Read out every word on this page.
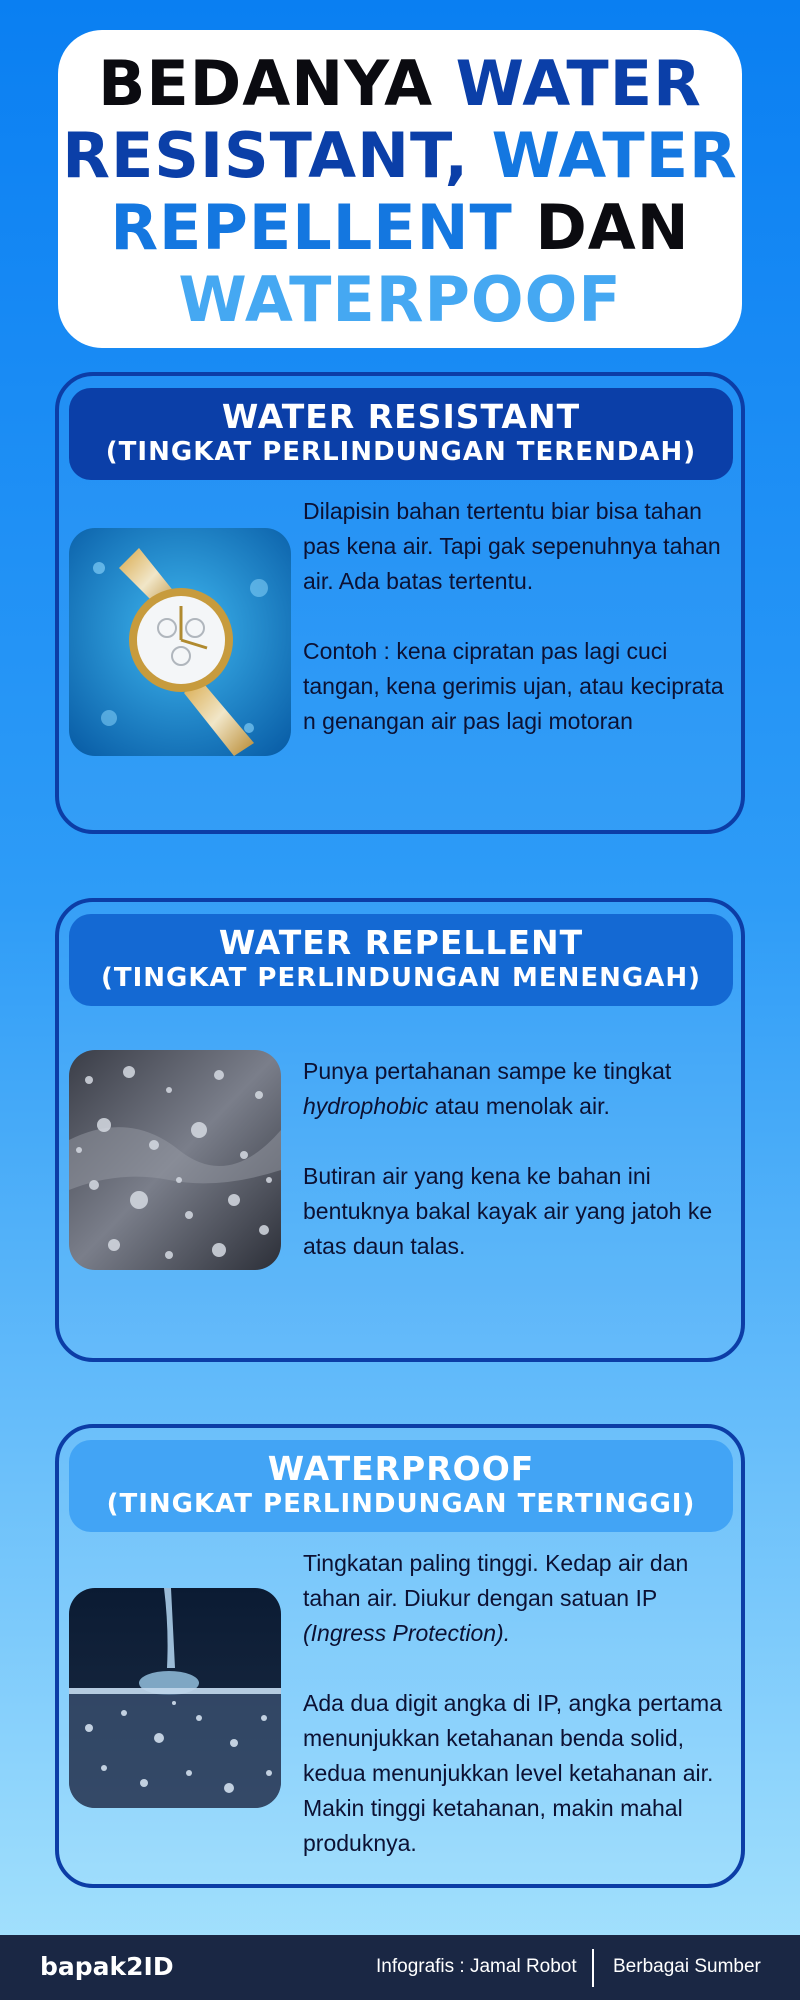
BEDANYA WATER
RESISTANT, WATER
REPELLENT DAN
WATERPOOF
WATER RESISTANT
(TINGKAT PERLINDUNGAN TERENDAH)

Dilapisin bahan tertentu biar bisa tahan pas kena air. Tapi gak sepenuhnya tahan air. Ada batas tertentu.

Contoh : kena cipratan pas lagi cuci tangan, kena gerimis ujan, atau keciprata​n genangan air pas lagi motoran

WATER REPELLENT
(TINGKAT PERLINDUNGAN MENENGAH)

Punya pertahanan sampe ke tingkat hydrophobic atau menolak air.

Butiran air yang kena ke bahan ini bentuknya bakal kayak air yang jatoh ke atas daun talas.

WATERPROOF
(TINGKAT PERLINDUNGAN TERTINGGI)

Tingkatan paling tinggi. Kedap air dan tahan air. Diukur dengan satuan IP (Ingress Protection).

Ada dua digit angka di IP, angka pertama menunjukkan ketahanan benda solid, kedua menunjukkan level ketahanan air. Makin tinggi ketahanan, makin mahal produknya.

bapak2ID	Infografis : Jamal Robot Berbagai Sumber
